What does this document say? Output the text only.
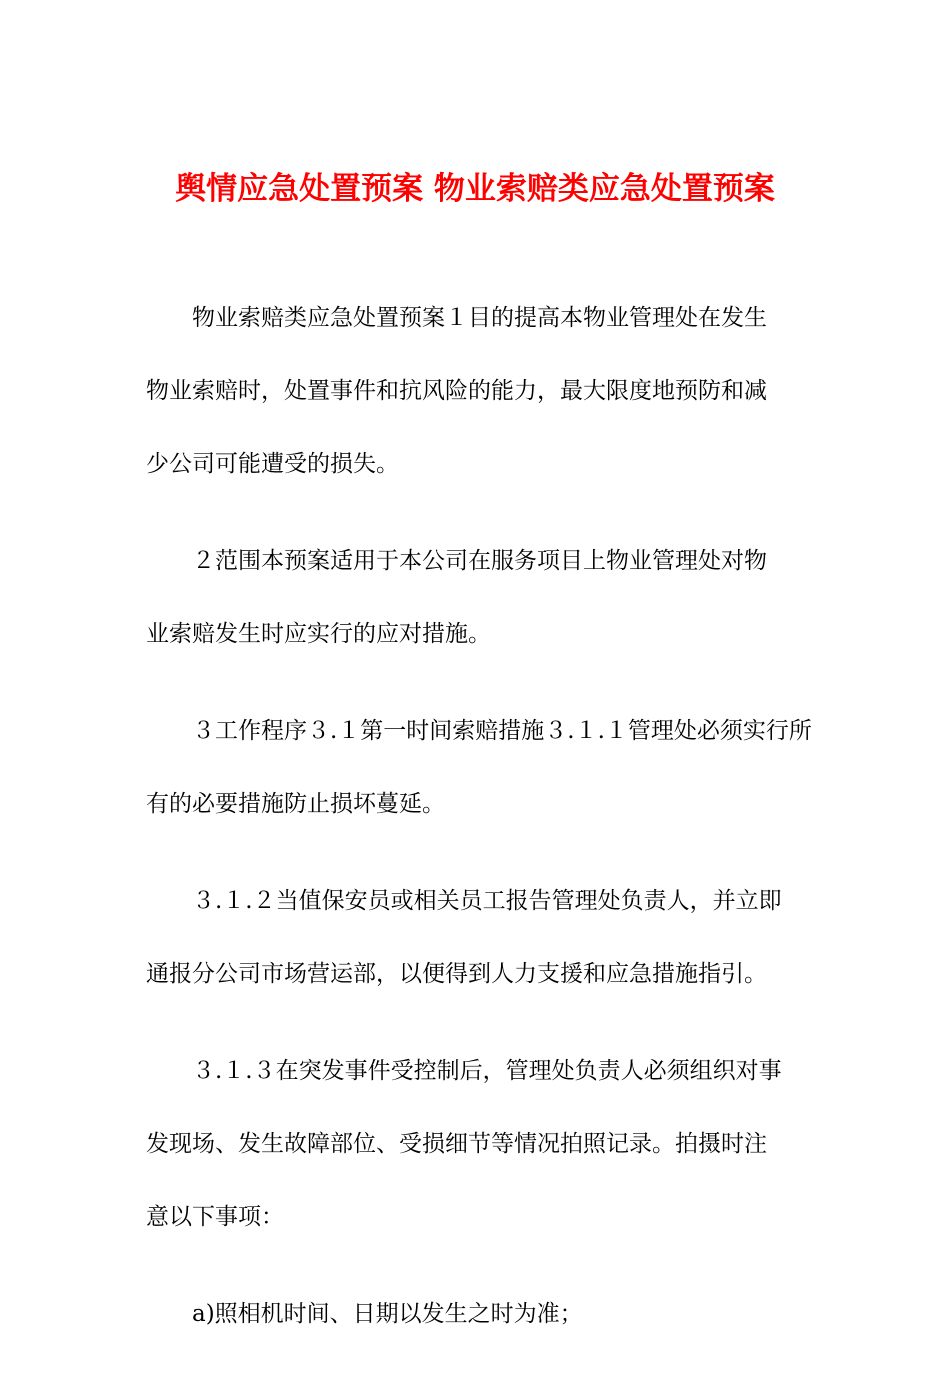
舆情应急处置预案 物业索赔类应急处置预案

物业索赔类应急处置预案１目的提高本物业管理处在发生
物业索赔时，处置事件和抗风险的能力，最大限度地预防和减
少公司可能遭受的损失。

２范围本预案适用于本公司在服务项目上物业管理处对物
业索赔发生时应实行的应对措施。

３工作程序３.１第一时间索赔措施３.１.１管理处必须实行所
有的必要措施防止损坏蔓延。

３.１.２当值保安员或相关员工报告管理处负责人，并立即
通报分公司市场营运部，以便得到人力支援和应急措施指引。

３.１.３在突发事件受控制后，管理处负责人必须组织对事
发现场、发生故障部位、受损细节等情况拍照记录。拍摄时注
意以下事项：

a)照相机时间、日期以发生之时为准；
